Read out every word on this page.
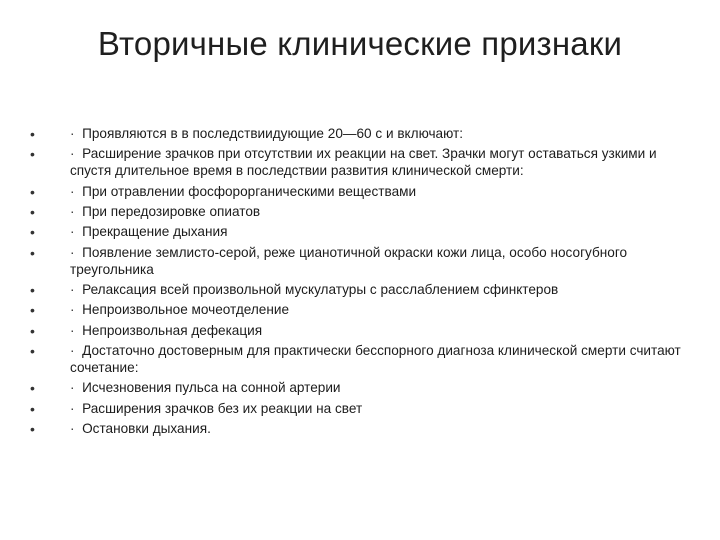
Вторичные клинические признаки
•	· Проявляются в в последствиидующие 20—60 с и включают:
•	· Расширение зрачков при отсутствии их реакции на свет. Зрачки могут оставаться узкими и спустя длительное время в последствии развития клинической смерти:
•	· При отравлении фосфорорганическими веществами
•	· При передозировке опиатов
•	· Прекращение дыхания
•	· Появление землисто-серой, реже цианотичной окраски кожи лица, особо носогубного треугольника
•	· Релаксация всей произвольной мускулатуры с расслаблением сфинктеров
•	· Непроизвольное мочеотделение
•	· Непроизвольная дефекация
•	· Достаточно достоверным для практически бесспорного диагноза клинической смерти считают сочетание:
•	· Исчезновения пульса на сонной артерии
•	· Расширения зрачков без их реакции на свет
•	· Остановки дыхания.
